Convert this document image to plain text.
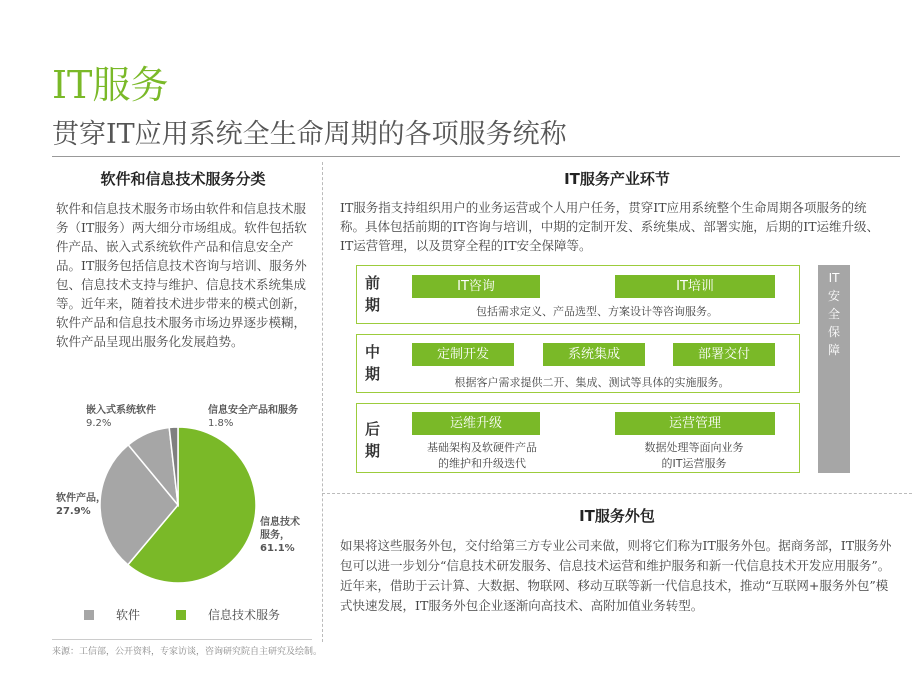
IT服务
贯穿IT应用系统全生命周期的各项服务统称
软件和信息技术服务分类
软件和信息技术服务市场由软件和信息技术服务（IT服务）两大细分市场组成。软件包括软件产品、嵌入式系统软件产品和信息安全产品。IT服务包括信息技术咨询与培训、服务外包、信息技术支持与维护、信息技术系统集成等。近年来，随着技术进步带来的模式创新，软件产品和信息技术服务市场边界逐步模糊，软件产品呈现出服务化发展趋势。
嵌入式系统软件
9.2%
信息安全产品和服务
1.8%
软件产品，
27.9%
信息技术
服务，
61.1%
软件	信息技术服务
来源：工信部，公开资料，专家访谈，咨询研究院自主研究及绘制。
IT服务产业环节
IT服务指支持组织用户的业务运营或个人用户任务，贯穿IT应用系统整个生命周期各项服务的统称。具体包括前期的IT咨询与培训，中期的定制开发、系统集成、部署实施，后期的IT运维升级、IT运营管理，以及贯穿全程的IT安全保障等。
前期
IT咨询	IT培训
包括需求定义、产品选型、方案设计等咨询服务。
中期
定制开发	系统集成	部署交付
根据客户需求提供二开、集成、测试等具体的实施服务。
后期
运维升级	运营管理
基础架构及软硬件产品
的维护和升级迭代
数据处理等面向业务
的IT运营服务
IT
安
全
保
障
IT服务外包
如果将这些服务外包，交付给第三方专业公司来做，则将它们称为IT服务外包。据商务部，IT服务外包可以进一步划分“信息技术研发服务、信息技术运营和维护服务和新一代信息技术开发应用服务”。近年来，借助于云计算、大数据、物联网、移动互联等新一代信息技术，推动“互联网+服务外包”模式快速发展，IT服务外包企业逐渐向高技术、高附加值业务转型。
